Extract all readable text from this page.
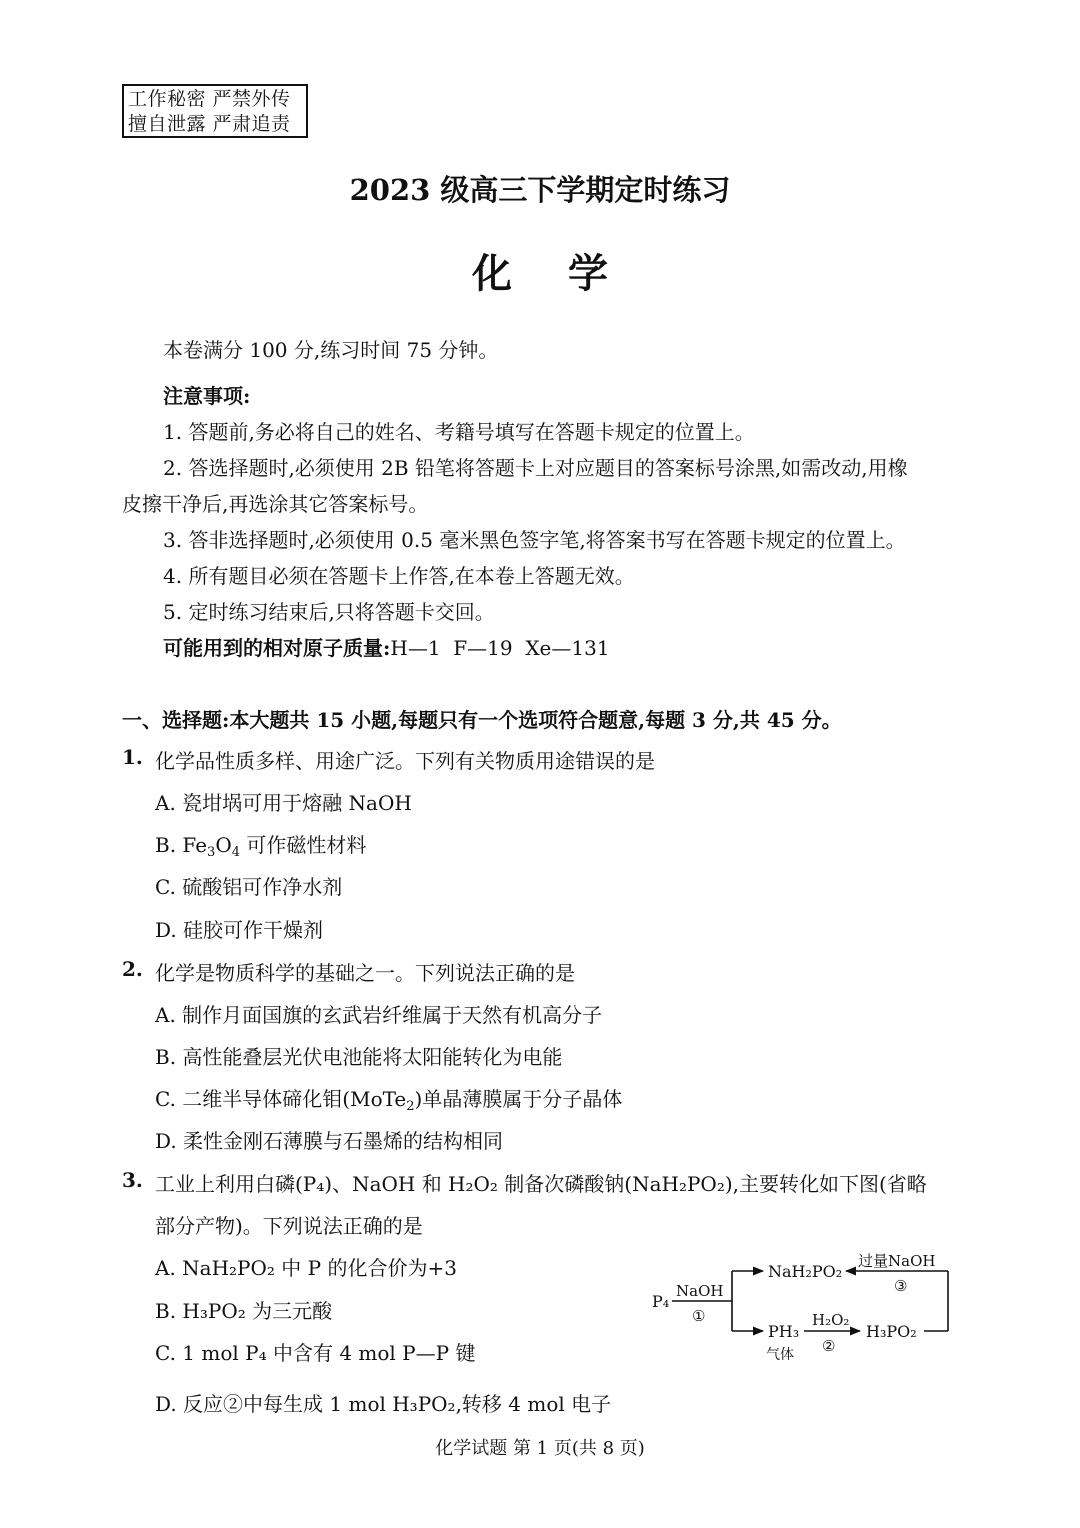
工作秘密 严禁外传
擅自泄露 严肃追责
2023 级高三下学期定时练习
化学
本卷满分 100 分,练习时间 75 分钟。
注意事项:
1. 答题前,务必将自己的姓名、考籍号填写在答题卡规定的位置上。
2. 答选择题时,必须使用 2B 铅笔将答题卡上对应题目的答案标号涂黑,如需改动,用橡
皮擦干净后,再选涂其它答案标号。
3. 答非选择题时,必须使用 0.5 毫米黑色签字笔,将答案书写在答题卡规定的位置上。
4. 所有题目必须在答题卡上作答,在本卷上答题无效。
5. 定时练习结束后,只将答题卡交回。
可能用到的相对原子质量:H—1  F—19  Xe—131
一、选择题:本大题共 15 小题,每题只有一个选项符合题意,每题 3 分,共 45 分。
1. 化学品性质多样、用途广泛。下列有关物质用途错误的是
A. 瓷坩埚可用于熔融 NaOH
B. $Fe_3O_4$ 可作磁性材料
C. 硫酸铝可作净水剂
D. 硅胶可作干燥剂
2. 化学是物质科学的基础之一。下列说法正确的是
A. 制作月面国旗的玄武岩纤维属于天然有机高分子
B. 高性能叠层光伏电池能将太阳能转化为电能
C. 二维半导体碲化钼(MoTe$_2$)单晶薄膜属于分子晶体
D. 柔性金刚石薄膜与石墨烯的结构相同
3. 工业上利用白磷(P₄)、NaOH 和 H₂O₂ 制备次磷酸钠(NaH₂PO₂),主要转化如下图(省略
部分产物)。下列说法正确的是
A. NaH₂PO₂ 中 P 的化合价为+3
B. H₃PO₂ 为三元酸
C. 1 mol P₄ 中含有 4 mol P—P 键
D. 反应②中每生成 1 mol H₃PO₂,转移 4 mol 电子
P₄
NaOH
①
NaH₂PO₂
过量NaOH
③
PH₃
气体
H₂O₂
②
H₃PO₂
化学试题 第 1 页(共 8 页)
